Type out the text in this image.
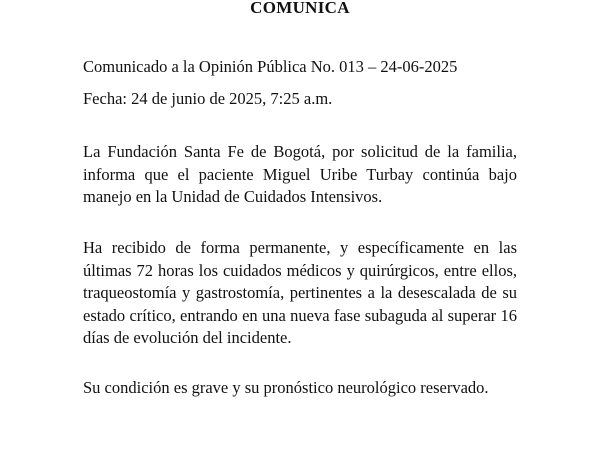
COMUNICA
Comunicado a la Opinión Pública No. 013 – 24-06-2025
Fecha: 24 de junio de 2025, 7:25 a.m.

La Fundación Santa Fe de Bogotá, por solicitud de la familia, informa que el paciente Miguel Uribe Turbay continúa bajo manejo en la Unidad de Cuidados Intensivos.

Ha recibido de forma permanente, y específicamente en las últimas 72 horas los cuidados médicos y quirúrgicos, entre ellos, traqueostomía y gastrostomía, pertinentes a la desescalada de su estado crítico, entrando en una nueva fase subaguda al superar 16 días de evolución del incidente.

Su condición es grave y su pronóstico neurológico reservado.
